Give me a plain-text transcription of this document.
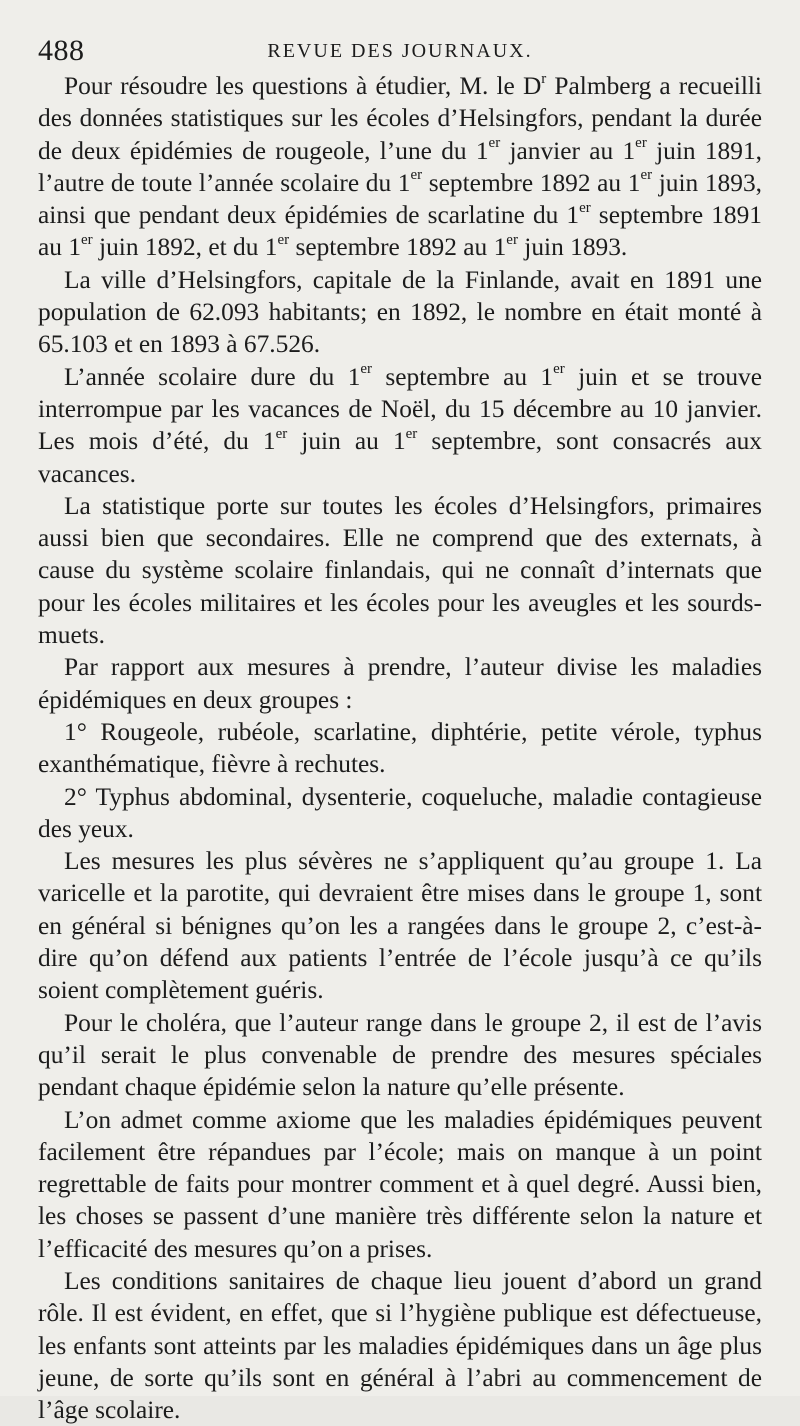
488	REVUE DES JOURNAUX.

Pour résoudre les questions à étudier, M. le $D^r$ Palmberg a recueilli des données statistiques sur les écoles d’Helsingfors, pendant la durée de deux épidémies de rougeole, l’une du 1er janvier au 1er juin 1891, l’autre de toute l’année scolaire du 1er septembre 1892 au 1er juin 1893, ainsi que pendant deux épidémies de scarlatine du 1er septembre 1891 au 1er juin 1892, et du 1er septembre 1892 au 1er juin 1893.

La ville d’Helsingfors, capitale de la Finlande, avait en 1891 une population de 62.093 habitants; en 1892, le nombre en était monté à 65.103 et en 1893 à 67.526.

L’année scolaire dure du 1er septembre au 1er juin et se trouve interrompue par les vacances de Noël, du 15 décembre au 10 janvier. Les mois d’été, du 1er juin au 1er septembre, sont consacrés aux vacances.

La statistique porte sur toutes les écoles d’Helsingfors, primaires aussi bien que secondaires. Elle ne comprend que des externats, à cause du système scolaire finlandais, qui ne connaît d’internats que pour les écoles militaires et les écoles pour les aveugles et les sourds-muets.

Par rapport aux mesures à prendre, l’auteur divise les maladies épidémiques en deux groupes :

1° Rougeole, rubéole, scarlatine, diphtérie, petite vérole, typhus exanthématique, fièvre à rechutes.

2° Typhus abdominal, dysenterie, coqueluche, maladie contagieuse des yeux.

Les mesures les plus sévères ne s’appliquent qu’au groupe 1. La varicelle et la parotite, qui devraient être mises dans le groupe 1, sont en général si bénignes qu’on les a rangées dans le groupe 2, c’est-à-dire qu’on défend aux patients l’entrée de l’école jusqu’à ce qu’ils soient complètement guéris.

Pour le choléra, que l’auteur range dans le groupe 2, il est de l’avis qu’il serait le plus convenable de prendre des mesures spéciales pendant chaque épidémie selon la nature qu’elle présente.

L’on admet comme axiome que les maladies épidémiques peuvent facilement être répandues par l’école; mais on manque à un point regrettable de faits pour montrer comment et à quel degré. Aussi bien, les choses se passent d’une manière très différente selon la nature et l’efficacité des mesures qu’on a prises.

Les conditions sanitaires de chaque lieu jouent d’abord un grand rôle. Il est évident, en effet, que si l’hygiène publique est défectueuse, les enfants sont atteints par les maladies épidémiques dans un âge plus jeune, de sorte qu’ils sont en général à l’abri au commencement de l’âge scolaire.
